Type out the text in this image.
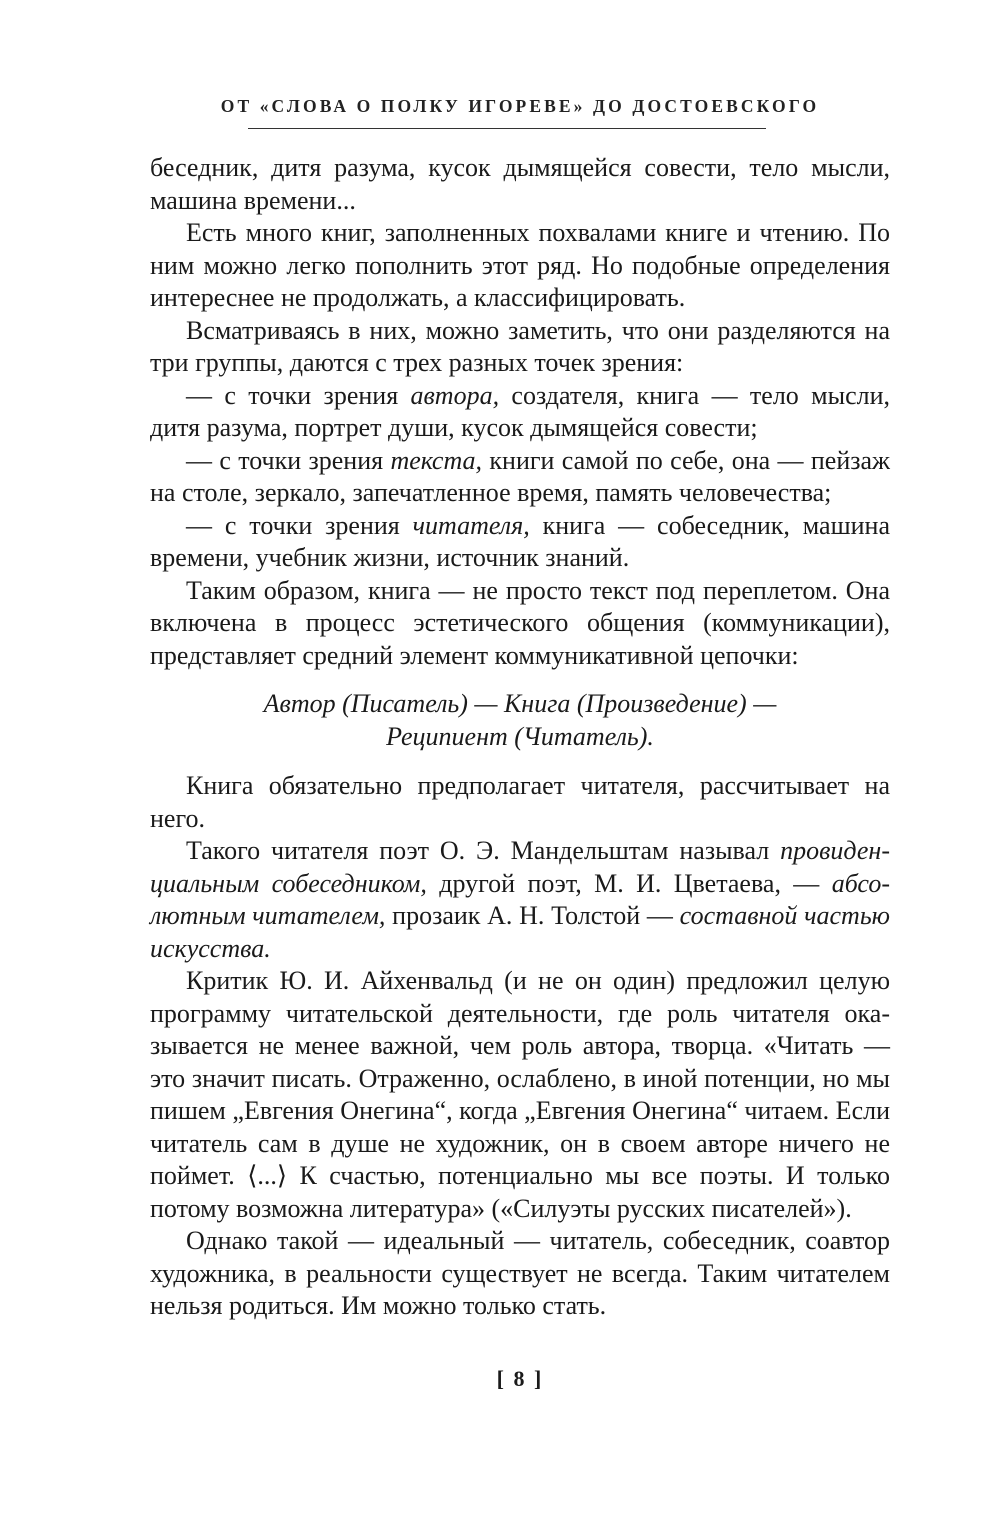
ОТ «СЛОВА О ПОЛКУ ИГОРЕВЕ» ДО ДОСТОЕВСКОГО

беседник, дитя разума, кусок дымящейся совести, тело мысли, машина времени...

Есть много книг, заполненных похвалами книге и чтению. По ним можно легко пополнить этот ряд. Но подобные определения интереснее не продолжать, а классифицировать.

Всматриваясь в них, можно заметить, что они разделяются на три группы, даются с трех разных точек зрения:

— с точки зрения автора, создателя, книга — тело мысли, дитя разума, портрет души, кусок дымящейся совести;

— с точки зрения текста, книги самой по себе, она — пейзаж на столе, зеркало, запечатленное время, память человечества;

— с точки зрения читателя, книга — собеседник, машина времени, учебник жизни, источник знаний.

Таким образом, книга — не просто текст под переплетом. Она включена в процесс эстетического общения (коммуникации), представляет средний элемент коммуникативной цепочки:

Автор (Писатель) — Книга (Произведение) —
Реципиент (Читатель).

Книга обязательно предполагает читателя, рассчитывает на него.

Такого читателя поэт О. Э. Мандельштам называл провиденциальным собеседником, другой поэт, М. И. Цветаева, — абсолютным читателем, прозаик А. Н. Толстой — составной частью искусства.

Критик Ю. И. Айхенвальд (и не он один) предложил целую программу читательской деятельности, где роль читателя оказывается не менее важной, чем роль автора, творца. «Читать — это значит писать. Отраженно, ослаблено, в иной потенции, но мы пишем „Евгения Онегина“, когда „Евгения Онегина“ читаем. Если читатель сам в душе не художник, он в своем авторе ничего не поймет. ⟨...⟩ К счастью, потенциально мы все поэты. И только потому возможна литература» («Силуэты русских писателей»).

Однако такой — идеальный — читатель, собеседник, соавтор художника, в реальности существует не всегда. Таким читателем нельзя родиться. Им можно только стать.

[ 8 ]
